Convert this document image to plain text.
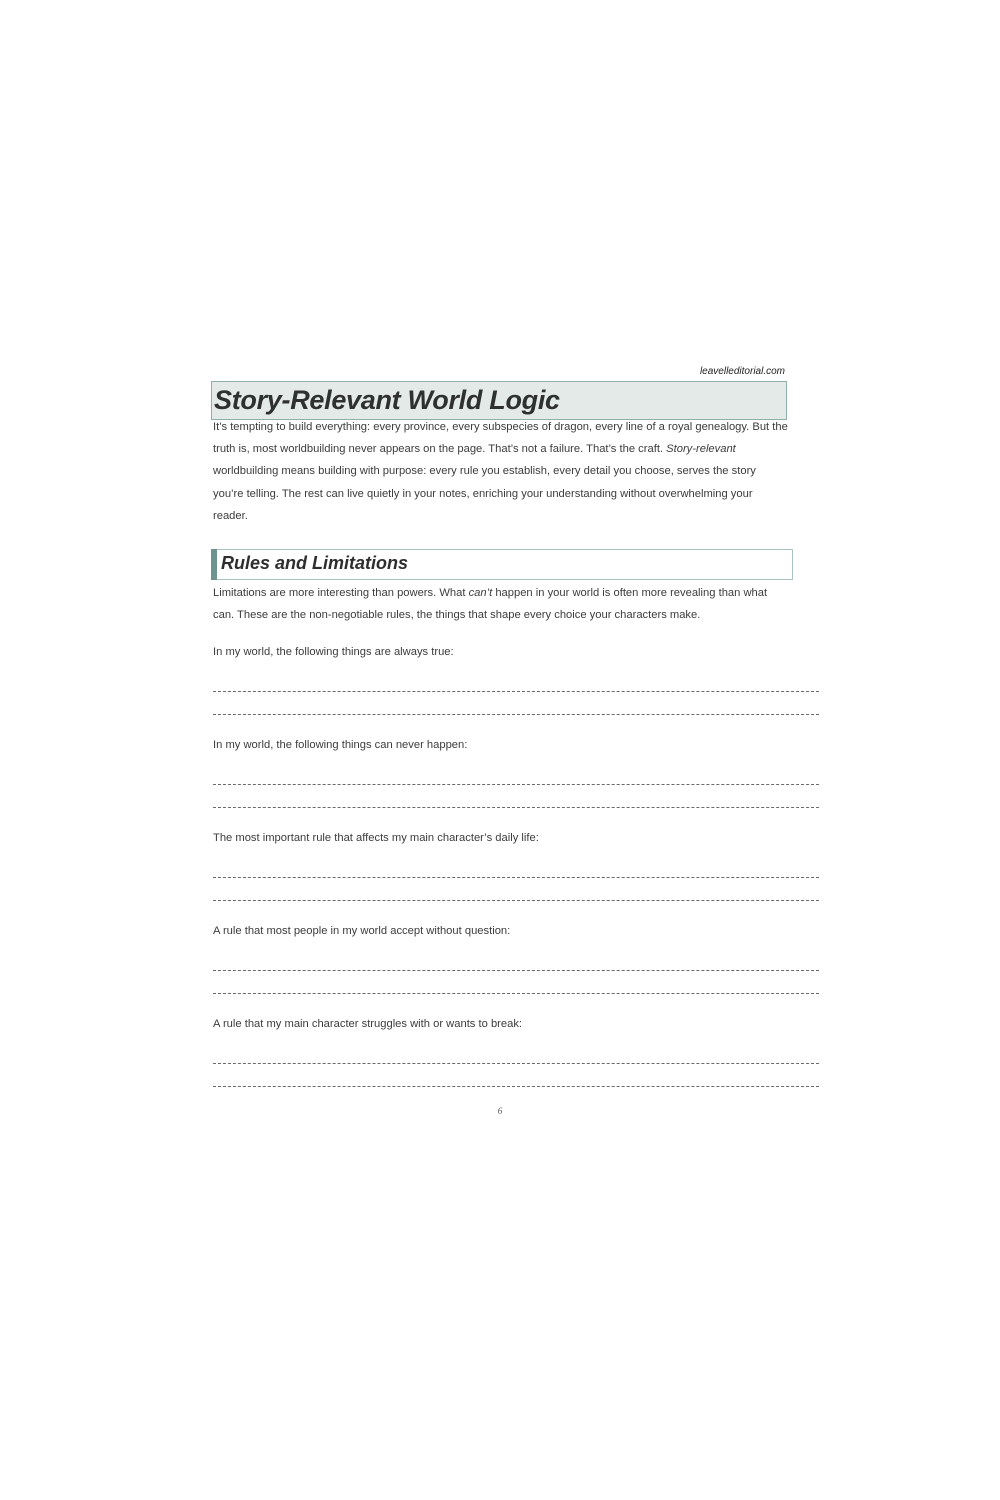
leavelleditorial.com
Story-Relevant World Logic
It’s tempting to build everything: every province, every subspecies of dragon, every line of a royal genealogy. But the truth is, most worldbuilding never appears on the page. That’s not a failure. That’s the craft. Story-relevant worldbuilding means building with purpose: every rule you establish, every detail you choose, serves the story you’re telling. The rest can live quietly in your notes, enriching your understanding without overwhelming your reader.
Rules and Limitations
Limitations are more interesting than powers. What can’t happen in your world is often more revealing than what can. These are the non-negotiable rules, the things that shape every choice your characters make.
In my world, the following things are always true:
In my world, the following things can never happen:
The most important rule that affects my main character’s daily life:
A rule that most people in my world accept without question:
A rule that my main character struggles with or wants to break:
6
